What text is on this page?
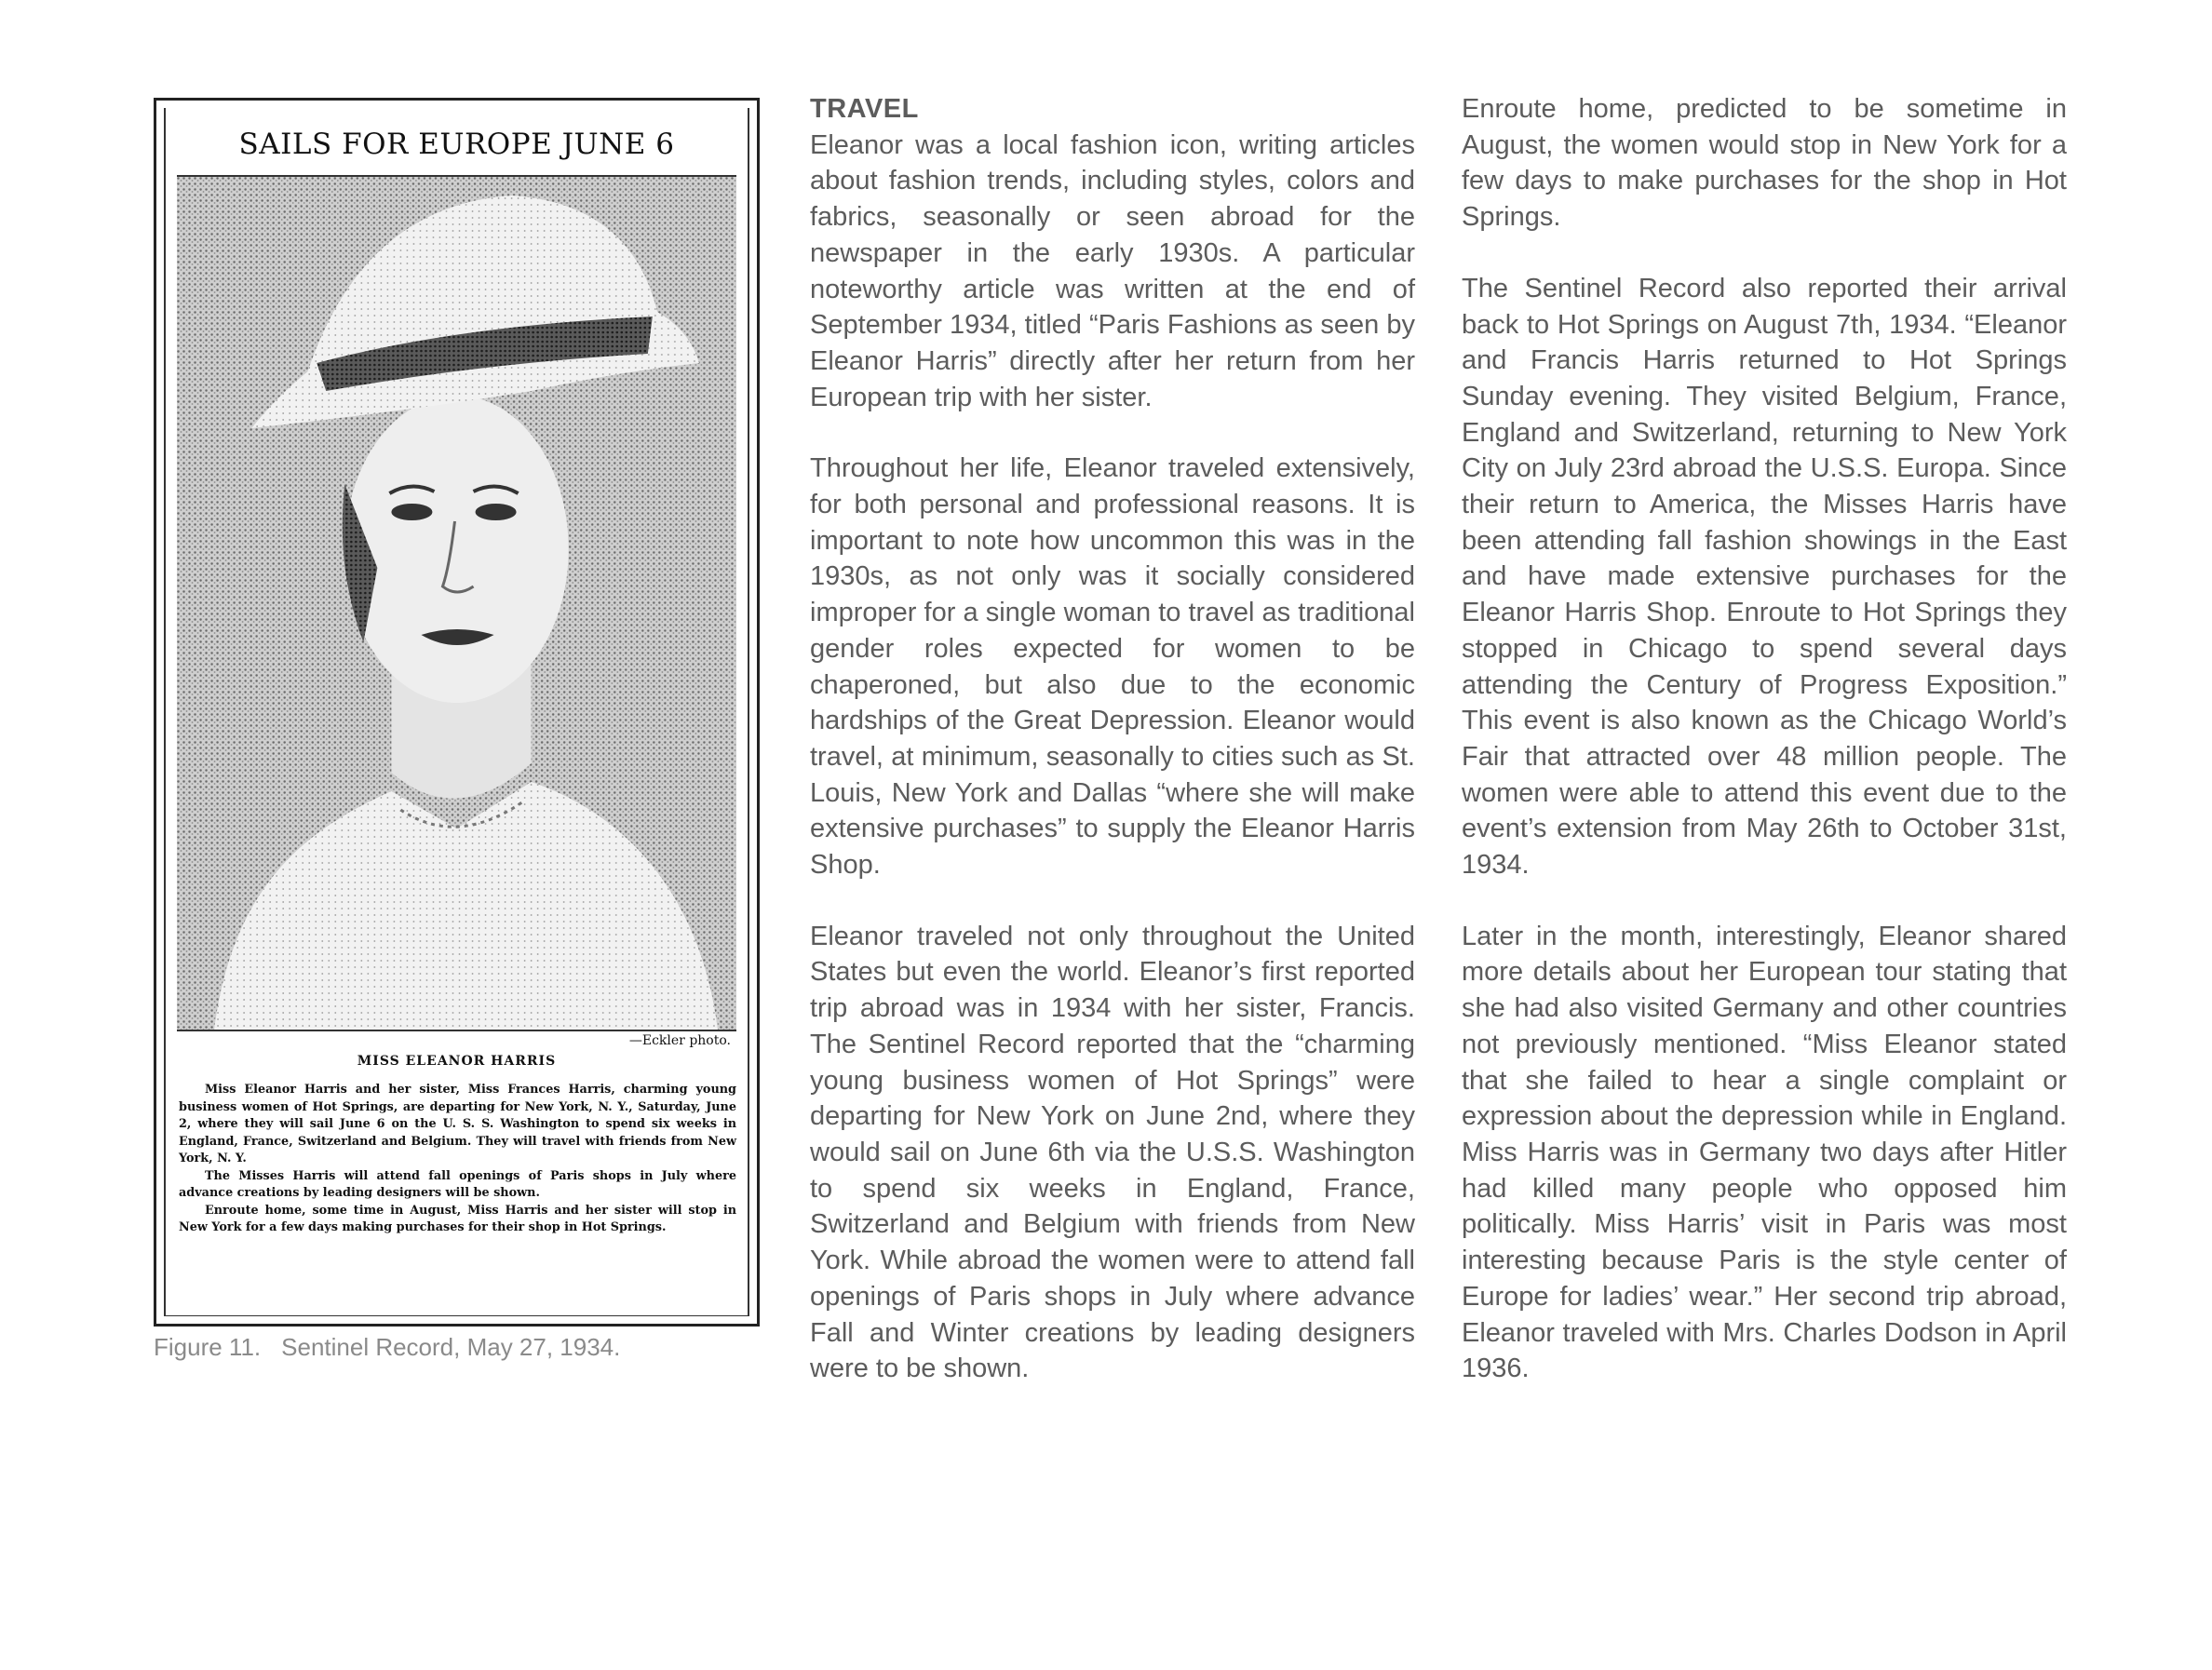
SAILS FOR EUROPE JUNE 6
—Eckler photo.
MISS ELEANOR HARRIS

Miss Eleanor Harris and her sister, Miss Frances Harris, charming young business women of Hot Springs, are departing for New York, N. Y., Saturday, June 2, where they will sail June 6 on the U. S. S. Washington to spend six weeks in England, France, Switzerland and Belgium. They will travel with friends from New York, N. Y.

The Misses Harris will attend fall openings of Paris shops in July where advance creations by leading designers will be shown.

Enroute home, some time in August, Miss Harris and her sister will stop in New York for a few days making purchases for their shop in Hot Springs.

Figure 11. Sentinel Record, May 27, 1934.
TRAVEL

Eleanor was a local fashion icon, writing articles about fashion trends, including styles, colors and fabrics, seasonally or seen abroad for the newspaper in the early 1930s. A particular noteworthy article was written at the end of September 1934, titled “Paris Fashions as seen by Eleanor Harris” directly after her return from her European trip with her sister.

Throughout her life, Eleanor traveled extensively, for both personal and professional reasons. It is important to note how uncommon this was in the 1930s, as not only was it socially considered improper for a single woman to travel as traditional gender roles expected for women to be chaperoned, but also due to the economic hardships of the Great Depression. Eleanor would travel, at minimum, seasonally to cities such as St. Louis, New York and Dallas “where she will make extensive purchases” to supply the Eleanor Harris Shop.

Eleanor traveled not only throughout the United States but even the world. Eleanor’s first reported trip abroad was in 1934 with her sister, Francis. The Sentinel Record reported that the “charming young business women of Hot Springs” were departing for New York on June 2nd, where they would sail on June 6th via the U.S.S. Washington to spend six weeks in England, France, Switzerland and Belgium with friends from New York. While abroad the women were to attend fall openings of Paris shops in July where advance Fall and Winter creations by leading designers were to be shown.

Enroute home, predicted to be sometime in August, the women would stop in New York for a few days to make purchases for the shop in Hot Springs.

The Sentinel Record also reported their arrival back to Hot Springs on August 7th, 1934. “Eleanor and Francis Harris returned to Hot Springs Sunday evening. They visited Belgium, France, England and Switzerland, returning to New York City on July 23rd abroad the U.S.S. Europa. Since their return to America, the Misses Harris have been attending fall fashion showings in the East and have made extensive purchases for the Eleanor Harris Shop. Enroute to Hot Springs they stopped in Chicago to spend several days attending the Century of Progress Exposition.” This event is also known as the Chicago World’s Fair that attracted over 48 million people. The women were able to attend this event due to the event’s extension from May 26th to October 31st, 1934.

Later in the month, interestingly, Eleanor shared more details about her European tour stating that she had also visited Germany and other countries not previously mentioned. “Miss Eleanor stated that she failed to hear a single complaint or expression about the depression while in England. Miss Harris was in Germany two days after Hitler had killed many people who opposed him politically. Miss Harris’ visit in Paris was most interesting because Paris is the style center of Europe for ladies’ wear.” Her second trip abroad, Eleanor traveled with Mrs. Charles Dodson in April 1936.
